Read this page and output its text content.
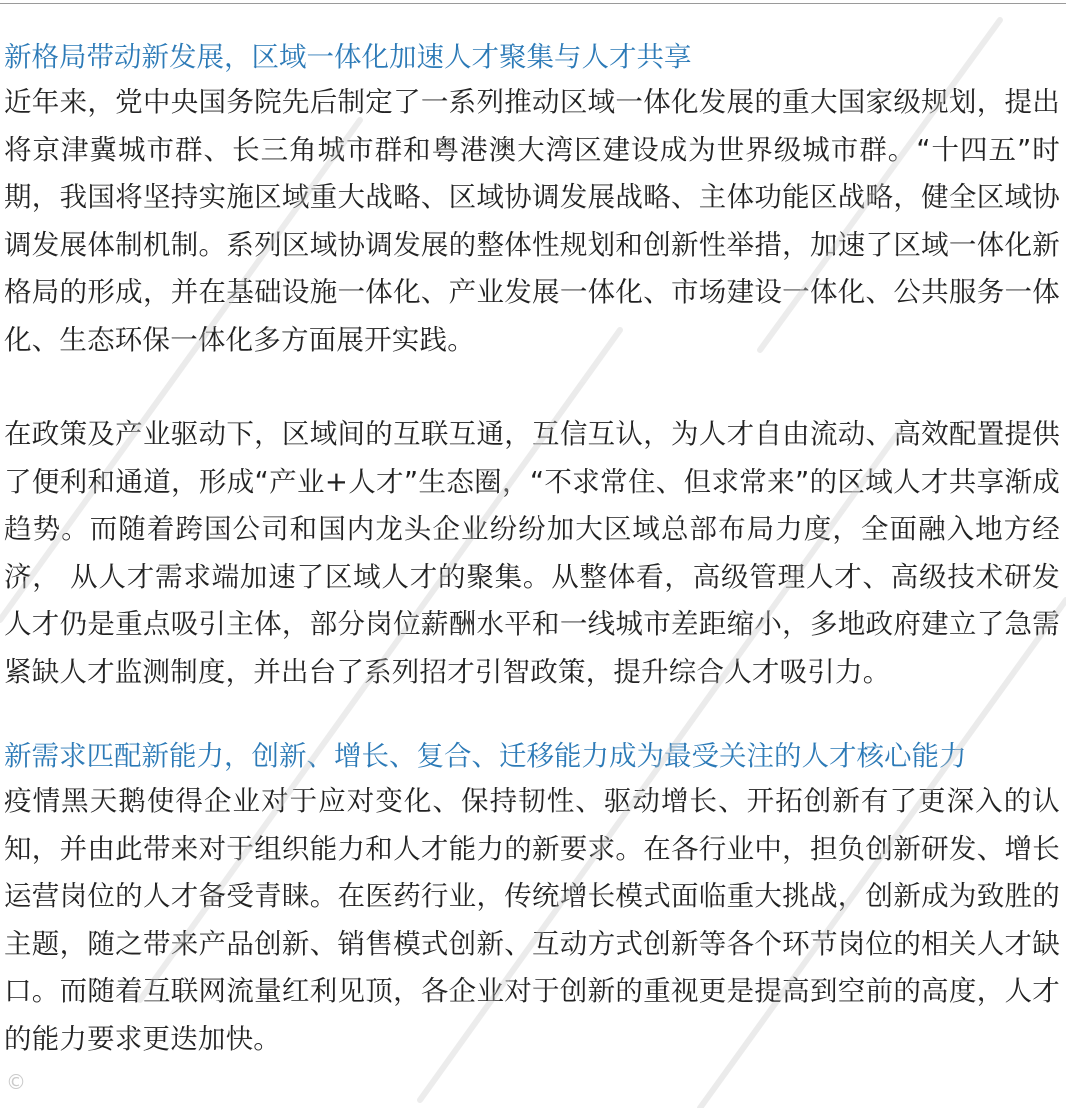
新格局带动新发展，区域一体化加速人才聚集与人才共享

近年来，党中央国务院先后制定了一系列推动区域一体化发展的重大国家级规划，提出将京津冀城市群、长三角城市群和粤港澳大湾区建设成为世界级城市群。“十四五”时期，我国将坚持实施区域重大战略、区域协调发展战略、主体功能区战略，健全区域协调发展体制机制。系列区域协调发展的整体性规划和创新性举措，加速了区域一体化新格局的形成，并在基础设施一体化、产业发展一体化、市场建设一体化、公共服务一体化、生态环保一体化多方面展开实践。

在政策及产业驱动下，区域间的互联互通，互信互认，为人才自由流动、高效配置提供了便利和通道，形成“产业+人才”生态圈，“不求常住、但求常来”的区域人才共享渐成趋势。而随着跨国公司和国内龙头企业纷纷加大区域总部布局力度，全面融入地方经济， 从人才需求端加速了区域人才的聚集。从整体看，高级管理人才、高级技术研发人才仍是重点吸引主体，部分岗位薪酬水平和一线城市差距缩小，多地政府建立了急需紧缺人才监测制度，并出台了系列招才引智政策，提升综合人才吸引力。

新需求匹配新能力，创新、增长、复合、迁移能力成为最受关注的人才核心能力

疫情黑天鹅使得企业对于应对变化、保持韧性、驱动增长、开拓创新有了更深入的认知，并由此带来对于组织能力和人才能力的新要求。在各行业中，担负创新研发、增长运营岗位的人才备受青睐。在医药行业，传统增长模式面临重大挑战，创新成为致胜的主题，随之带来产品创新、销售模式创新、互动方式创新等各个环节岗位的相关人才缺口。而随着互联网流量红利见顶，各企业对于创新的重视更是提高到空前的高度，人才的能力要求更迭加快。

©
